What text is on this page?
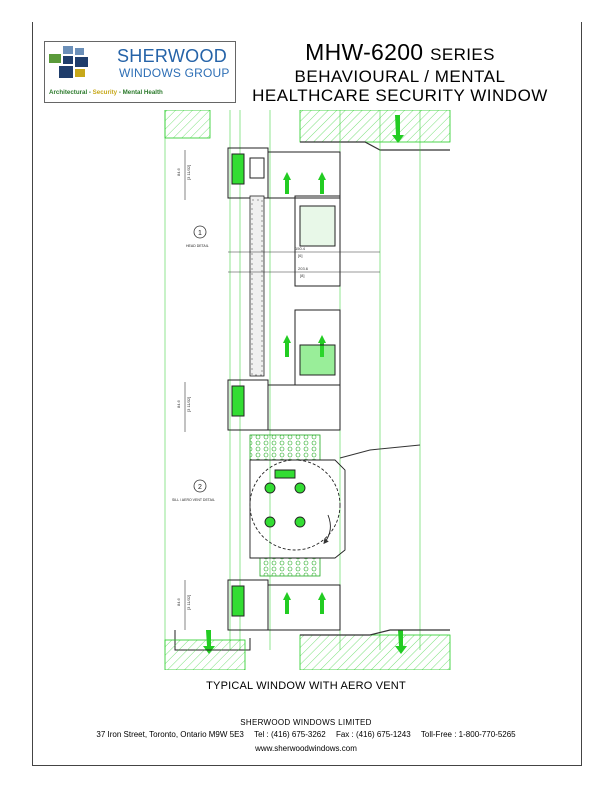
SHERWOOD
WINDOWS GROUP
Architectural - Security - Mental Health
MHW-6200 SERIES
BEHAVIOURAL / MENTAL
HEALTHCARE SECURITY WINDOW
84.6 [3 11/32]
84.6 [3 11/32]
84.6 [3 11/32]
150.4
[6]
203.6
[8]
1
HEAD DETAIL
2
SILL / AERO VENT DETAIL
TYPICAL WINDOW WITH AERO VENT
SHERWOOD WINDOWS LIMITED
37 Iron Street, Toronto, Ontario M9W 5E3 Tel : (416) 675-3262 Fax : (416) 675-1243 Toll-Free : 1-800-770-5265
www.sherwoodwindows.com
